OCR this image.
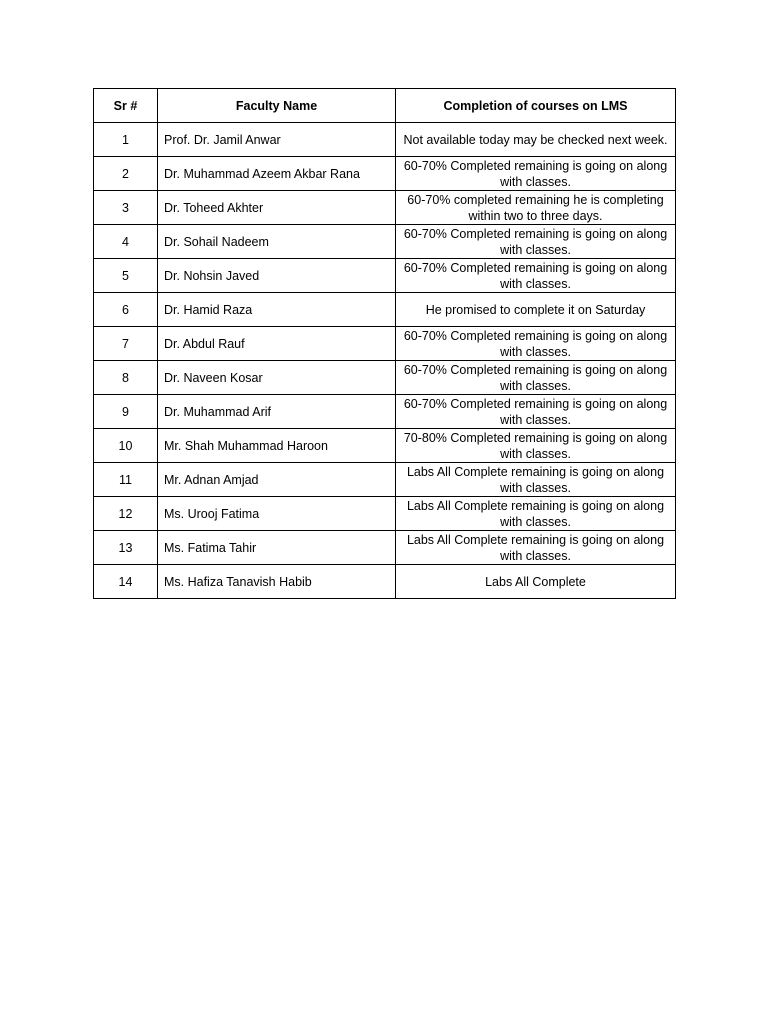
Sr #	Faculty Name	Completion of courses on LMS
1	Prof. Dr. Jamil Anwar	Not available today may be checked next week.
2	Dr. Muhammad Azeem Akbar Rana	60-70% Completed remaining is going on along with classes.
3	Dr. Toheed Akhter	60-70% completed remaining he is completing within two to three days.
4	Dr. Sohail Nadeem	60-70% Completed remaining is going on along with classes.
5	Dr. Nohsin Javed	60-70% Completed remaining is going on along with classes.
6	Dr. Hamid Raza	He promised to complete it on Saturday
7	Dr. Abdul Rauf	60-70% Completed remaining is going on along with classes.
8	Dr. Naveen Kosar	60-70% Completed remaining is going on along with classes.
9	Dr. Muhammad Arif	60-70% Completed remaining is going on along with classes.
10	Mr. Shah Muhammad Haroon	70-80% Completed remaining is going on along with classes.
11	Mr. Adnan Amjad	Labs All Complete remaining is going on along with classes.
12	Ms. Urooj Fatima	Labs All Complete remaining is going on along with classes.
13	Ms. Fatima Tahir	Labs All Complete remaining is going on along with classes.
14	Ms. Hafiza Tanavish Habib	Labs All Complete
